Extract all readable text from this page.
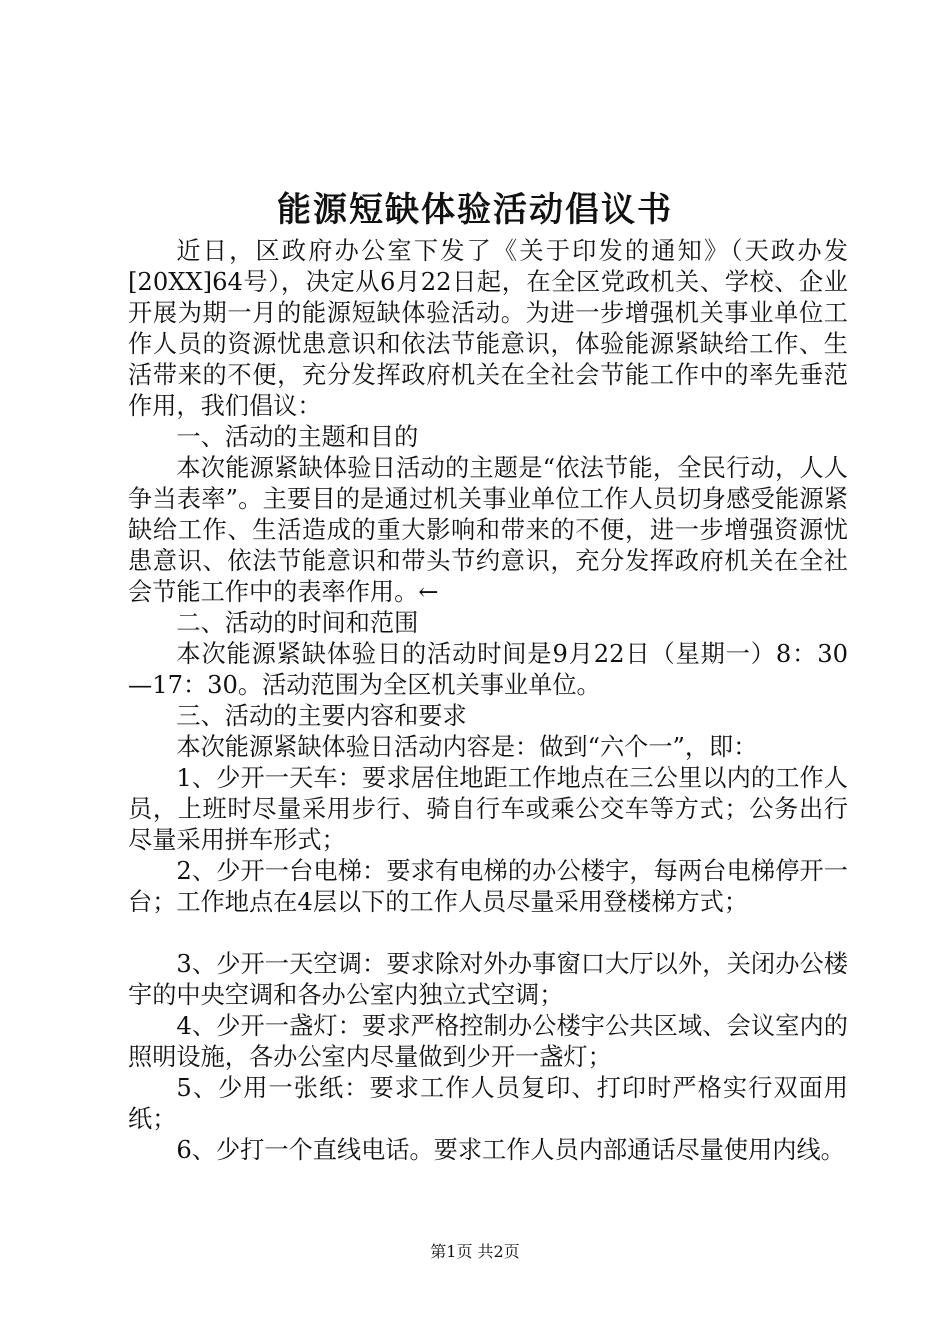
能源短缺体验活动倡议书

近日，区政府办公室下发了《关于印发的通知》（天政办发[20XX]64号），决定从6月22日起，在全区党政机关、学校、企业开展为期一月的能源短缺体验活动。为进一步增强机关事业单位工作人员的资源忧患意识和依法节能意识，体验能源紧缺给工作、生活带来的不便，充分发挥政府机关在全社会节能工作中的率先垂范作用，我们倡议：

一、活动的主题和目的

本次能源紧缺体验日活动的主题是“依法节能，全民行动，人人争当表率”。主要目的是通过机关事业单位工作人员切身感受能源紧缺给工作、生活造成的重大影响和带来的不便，进一步增强资源忧患意识、依法节能意识和带头节约意识，充分发挥政府机关在全社会节能工作中的表率作用。←

二、活动的时间和范围

本次能源紧缺体验日的活动时间是9月22日（星期一）8：30—17：30。活动范围为全区机关事业单位。

三、活动的主要内容和要求

本次能源紧缺体验日活动内容是：做到“六个一”，即：

1、少开一天车：要求居住地距工作地点在三公里以内的工作人员，上班时尽量采用步行、骑自行车或乘公交车等方式；公务出行尽量采用拼车形式；

2、少开一台电梯：要求有电梯的办公楼宇，每两台电梯停开一台；工作地点在4层以下的工作人员尽量采用登楼梯方式；

3、少开一天空调：要求除对外办事窗口大厅以外，关闭办公楼宇的中央空调和各办公室内独立式空调；

4、少开一盏灯：要求严格控制办公楼宇公共区域、会议室内的照明设施，各办公室内尽量做到少开一盏灯；

5、少用一张纸：要求工作人员复印、打印时严格实行双面用纸；

6、少打一个直线电话。要求工作人员内部通话尽量使用内线。

第1页 共2页
